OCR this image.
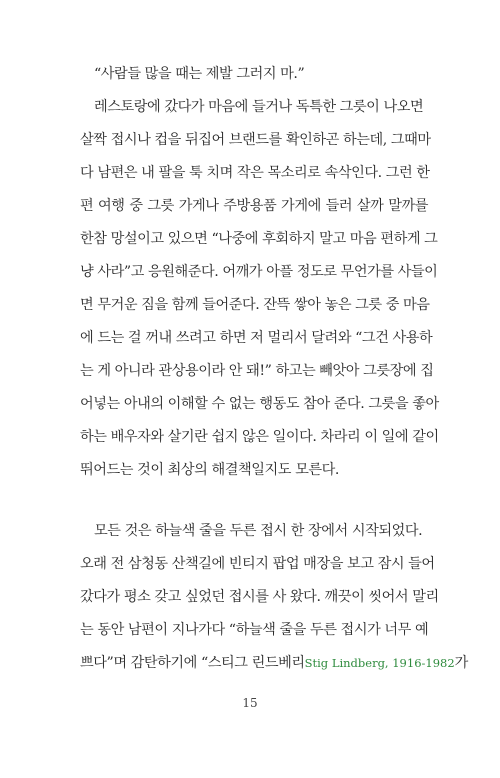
“사람들 많을 때는 제발 그러지 마.”
레스토랑에 갔다가 마음에 들거나 독특한 그릇이 나오면
살짝 접시나 컵을 뒤집어 브랜드를 확인하곤 하는데, 그때마
다 남편은 내 팔을 툭 치며 작은 목소리로 속삭인다. 그런 한
편 여행 중 그릇 가게나 주방용품 가게에 들러 살까 말까를
한참 망설이고 있으면 “나중에 후회하지 말고 마음 편하게 그
냥 사라”고 응원해준다. 어깨가 아플 정도로 무언가를 사들이
면 무거운 짐을 함께 들어준다. 잔뜩 쌓아 놓은 그릇 중 마음
에 드는 걸 꺼내 쓰려고 하면 저 멀리서 달려와 “그건 사용하
는 게 아니라 관상용이라 안 돼!” 하고는 빼앗아 그릇장에 집
어넣는 아내의 이해할 수 없는 행동도 참아 준다. 그릇을 좋아
하는 배우자와 살기란 쉽지 않은 일이다. 차라리 이 일에 같이
뛰어드는 것이 최상의 해결책일지도 모른다.
모든 것은 하늘색 줄을 두른 접시 한 장에서 시작되었다.
오래 전 삼청동 산책길에 빈티지 팝업 매장을 보고 잠시 들어
갔다가 평소 갖고 싶었던 접시를 사 왔다. 깨끗이 씻어서 말리
는 동안 남편이 지나가다 “하늘색 줄을 두른 접시가 너무 예
쁘다”며 감탄하기에 “스티그 린드베리Stig Lindberg, 1916-1982가
15
